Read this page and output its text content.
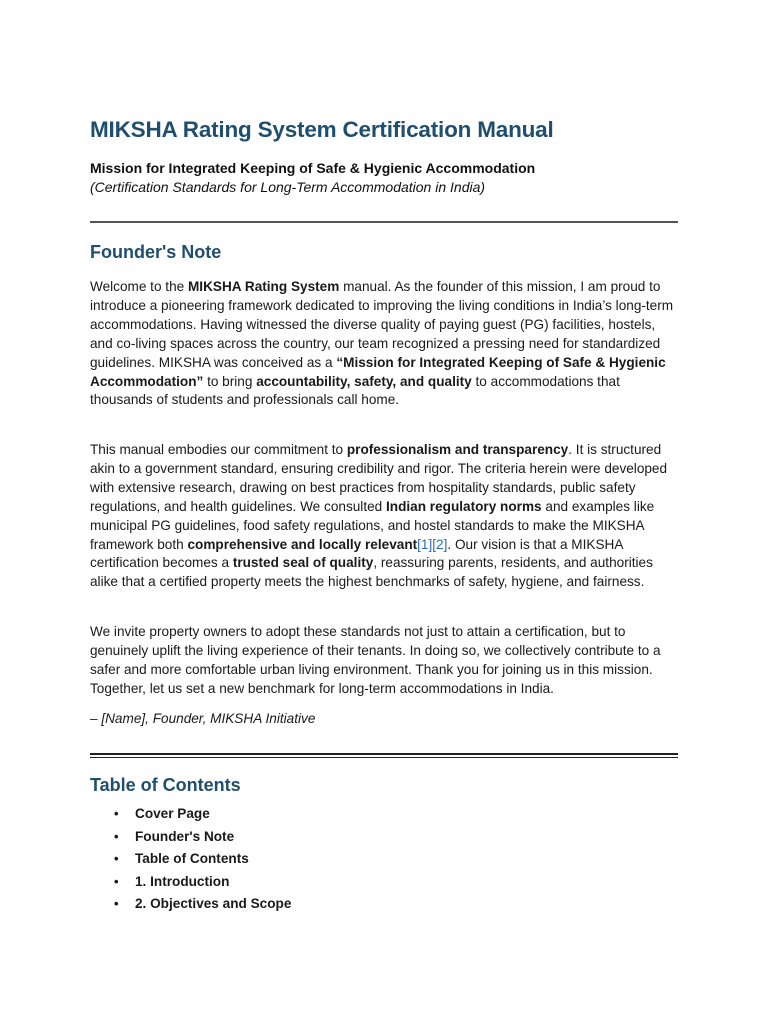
MIKSHA Rating System Certification Manual

Mission for Integrated Keeping of Safe & Hygienic Accommodation

(Certification Standards for Long-Term Accommodation in India)

Founder's Note

Welcome to the MIKSHA Rating System manual. As the founder of this mission, I am proud to introduce a pioneering framework dedicated to improving the living conditions in India’s long-term accommodations. Having witnessed the diverse quality of paying guest (PG) facilities, hostels, and co-living spaces across the country, our team recognized a pressing need for standardized guidelines. MIKSHA was conceived as a “Mission for Integrated Keeping of Safe & Hygienic Accommodation” to bring accountability, safety, and quality to accommodations that thousands of students and professionals call home.

This manual embodies our commitment to professionalism and transparency. It is structured akin to a government standard, ensuring credibility and rigor. The criteria herein were developed with extensive research, drawing on best practices from hospitality standards, public safety regulations, and health guidelines. We consulted Indian regulatory norms and examples like municipal PG guidelines, food safety regulations, and hostel standards to make the MIKSHA framework both comprehensive and locally relevant[1][2]. Our vision is that a MIKSHA certification becomes a trusted seal of quality, reassuring parents, residents, and authorities alike that a certified property meets the highest benchmarks of safety, hygiene, and fairness.

We invite property owners to adopt these standards not just to attain a certification, but to genuinely uplift the living experience of their tenants. In doing so, we collectively contribute to a safer and more comfortable urban living environment. Thank you for joining us in this mission. Together, let us set a new benchmark for long-term accommodations in India.

– [Name], Founder, MIKSHA Initiative

Table of Contents
• Cover Page
• Founder's Note
• Table of Contents
• 1. Introduction
• 2. Objectives and Scope
